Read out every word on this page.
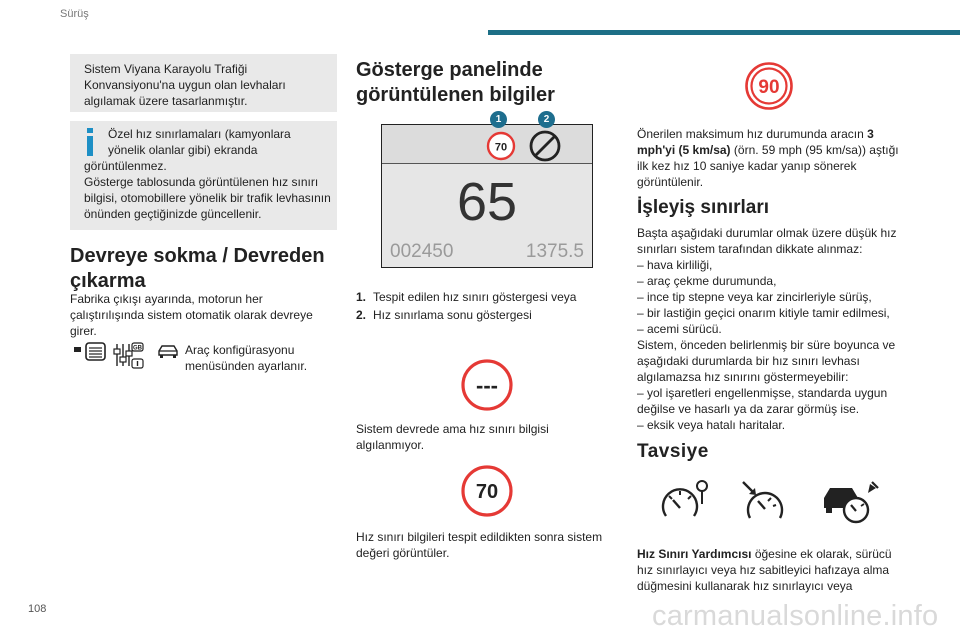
Sürüş

Sistem Viyana Karayolu Trafiği Konvansiyonu'na uygun olan levhaları algılamak üzere tasarlanmıştır.

Özel hız sınırlamaları (kamyonlara yönelik olanlar gibi) ekranda
görüntülenmez.
Gösterge tablosunda görüntülenen hız sınırı bilgisi, otomobillere yönelik bir trafik levhasının önünden geçtiğinizde güncellenir.
Devreye sokma / Devreden çıkarma

Fabrika çıkışı ayarında, motorun her çalıştırılışında sistem otomatik olarak devreye girer.

GB	Araç konfigürasyonu menüsünden ayarlanır.

Gösterge panelinde görüntülenen bilgiler
70
65
002450	1375.5
1	2
1. Tespit edilen hız sınırı göstergesi veya
2. Hız sınırlama sonu göstergesi
---

Sistem devrede ama hız sınırı bilgisi algılanmıyor.

70

Hız sınırı bilgileri tespit edildikten sonra sistem değeri görüntüler.

90

Önerilen maksimum hız durumunda aracın 3 mph'yi (5 km/sa) (örn. 59 mph (95 km/sa)) aştığı ilk kez hız 10 saniye kadar yanıp sönerek görüntülenir.

İşleyiş sınırları

Başta aşağıdaki durumlar olmak üzere düşük hız sınırları sistem tarafından dikkate alınmaz:
– hava kirliliği,
– araç çekme durumunda,
– ince tip stepne veya kar zincirleriyle sürüş,
– bir lastiğin geçici onarım kitiyle tamir edilmesi,
– acemi sürücü.
Sistem, önceden belirlenmiş bir süre boyunca ve aşağıdaki durumlarda bir hız sınırı levhası algılamazsa hız sınırını göstermeyebilir:
– yol işaretleri engellenmişse, standarda uygun değilse ve hasarlı ya da zarar görmüş ise.
– eksik veya hatalı haritalar.

Tavsiye

Hız Sınırı Yardımcısı öğesine ek olarak, sürücü hız sınırlayıcı veya hız sabitleyici hafızaya alma düğmesini kullanarak hız sınırlayıcı veya

108	carmanualsonline.info
